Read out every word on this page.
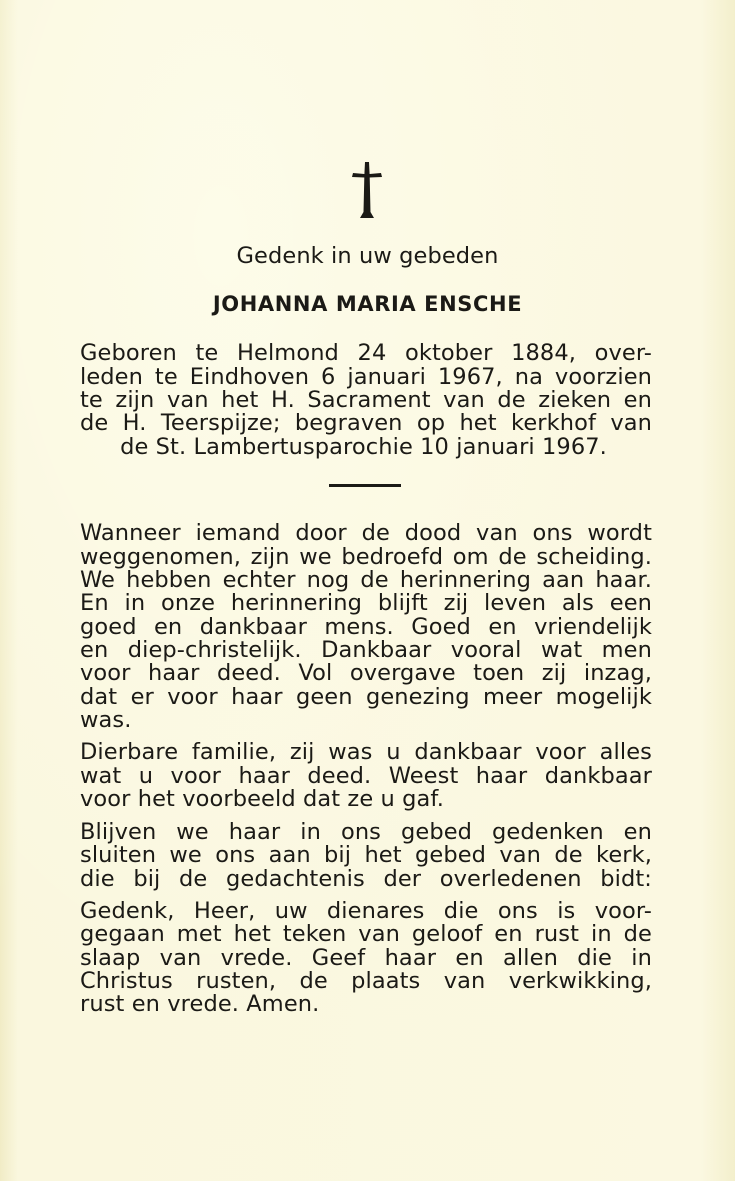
Gedenk in uw gebeden
JOHANNA MARIA ENSCHE
Geboren te Helmond 24 oktober 1884, over-
leden te Eindhoven 6 januari 1967, na voorzien
te zijn van het H. Sacrament van de zieken en
de H. Teerspijze; begraven op het kerkhof van
de St. Lambertusparochie 10 januari 1967.
Wanneer iemand door de dood van ons wordt
weggenomen, zijn we bedroefd om de scheiding.
We hebben echter nog de herinnering aan haar.
En in onze herinnering blijft zij leven als een
goed en dankbaar mens. Goed en vriendelijk
en diep-christelijk. Dankbaar vooral wat men
voor haar deed. Vol overgave toen zij inzag,
dat er voor haar geen genezing meer mogelijk
was.
Dierbare familie, zij was u dankbaar voor alles
wat u voor haar deed. Weest haar dankbaar
voor het voorbeeld dat ze u gaf.
Blijven we haar in ons gebed gedenken en
sluiten we ons aan bij het gebed van de kerk,
die bij de gedachtenis der overledenen bidt:
Gedenk, Heer, uw dienares die ons is voor-
gegaan met het teken van geloof en rust in de
slaap van vrede. Geef haar en allen die in
Christus rusten, de plaats van verkwikking,
rust en vrede. Amen.
